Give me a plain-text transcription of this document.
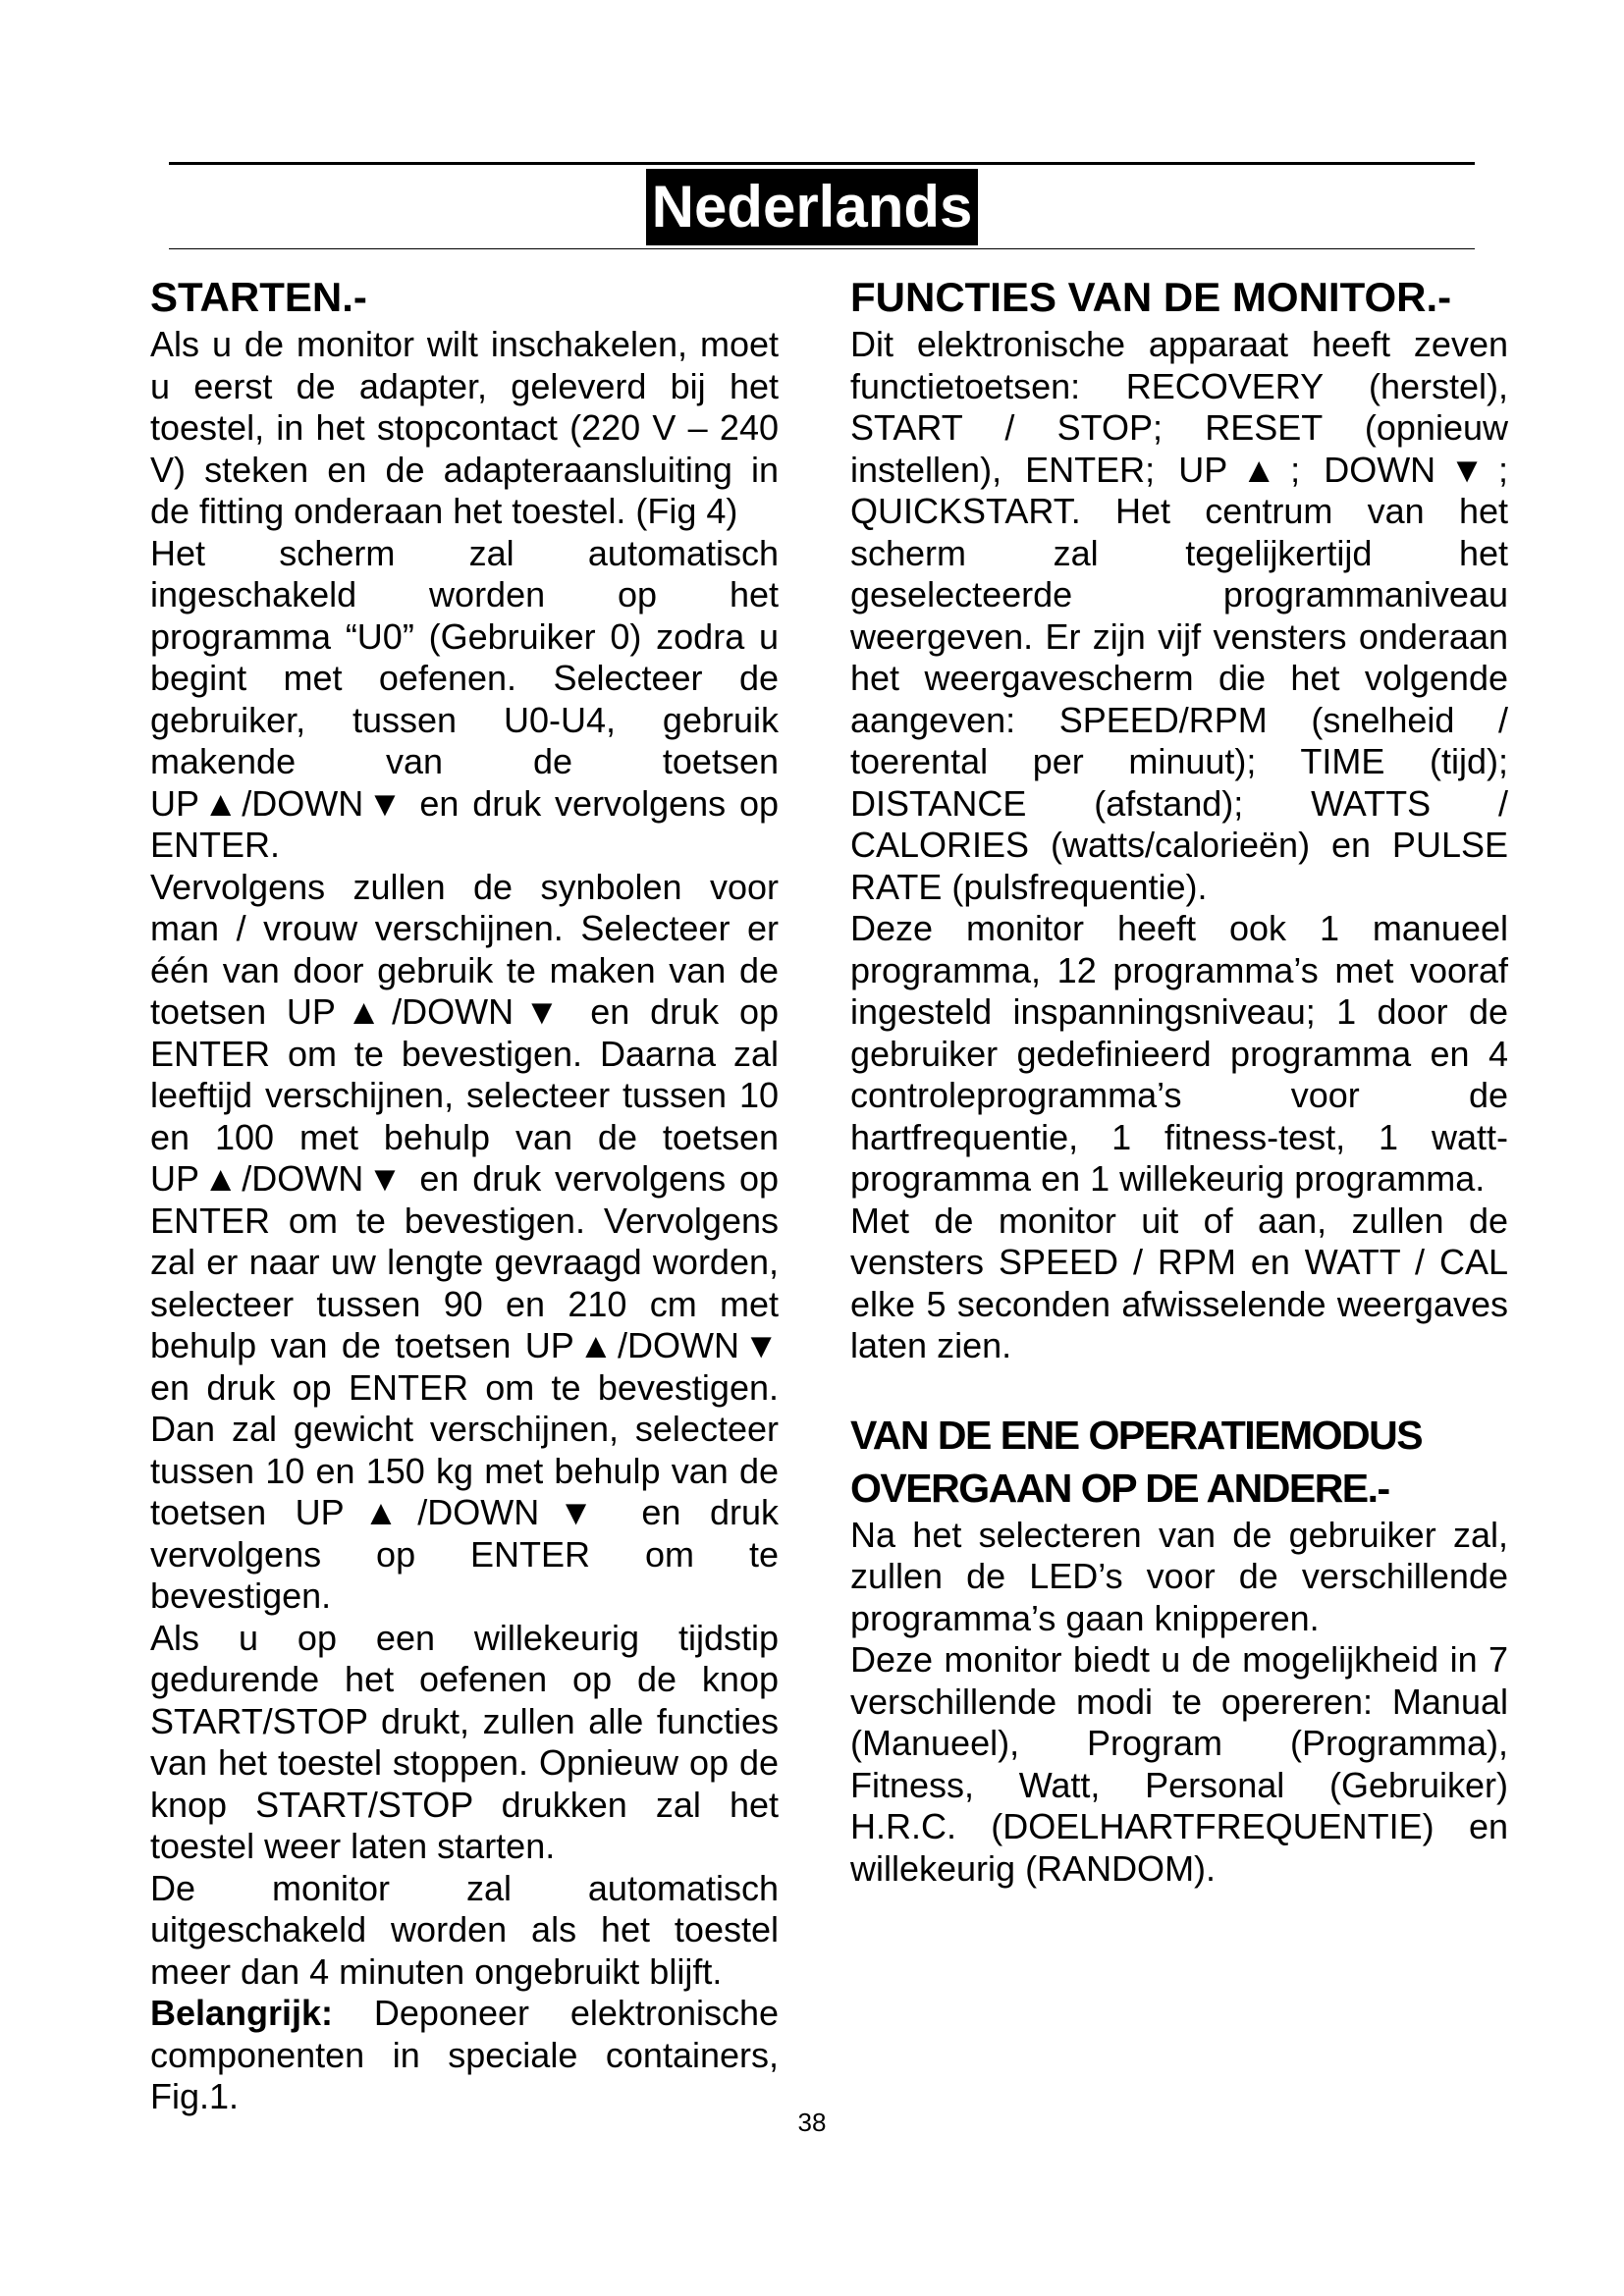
Nederlands
STARTEN.-

Als u de monitor wilt inschakelen, moet u eerst de adapter, geleverd bij het toestel, in het stopcontact (220 V – 240 V) steken en de adapteraansluiting in de fitting onderaan het toestel. (Fig 4)

Het scherm zal automatisch ingeschakeld worden op het programma “U0” (Gebruiker 0) zodra u begint met oefenen. Selecteer de gebruiker, tussen U0-U4, gebruik makende van de toetsen UP▲/DOWN▼ en druk vervolgens op ENTER.

Vervolgens zullen de synbolen voor man / vrouw verschijnen. Selecteer er één van door gebruik te maken van de toetsen UP▲/DOWN▼ en druk op ENTER om te bevestigen. Daarna zal leeftijd verschijnen, selecteer tussen 10 en 100 met behulp van de toetsen UP▲/DOWN▼ en druk vervolgens op ENTER om te bevestigen. Vervolgens zal er naar uw lengte gevraagd worden, selecteer tussen 90 en 210 cm met behulp van de toetsen UP▲/DOWN▼ en druk op ENTER om te bevestigen. Dan zal gewicht verschijnen, selecteer tussen 10 en 150 kg met behulp van de toetsen UP▲/DOWN▼ en druk vervolgens op ENTER om te bevestigen.

Als u op een willekeurig tijdstip gedurende het oefenen op de knop START/STOP drukt, zullen alle functies van het toestel stoppen. Opnieuw op de knop START/STOP drukken zal het toestel weer laten starten.

De monitor zal automatisch uitgeschakeld worden als het toestel meer dan 4 minuten ongebruikt blijft.

Belangrijk: Deponeer elektronische componenten in speciale containers, Fig.1.

FUNCTIES VAN DE MONITOR.-

Dit elektronische apparaat heeft zeven functietoetsen: RECOVERY (herstel), START / STOP; RESET (opnieuw instellen), ENTER; UP▲; DOWN▼; QUICKSTART. Het centrum van het scherm zal tegelijkertijd het geselecteerde programmaniveau weergeven. Er zijn vijf vensters onderaan het weergavescherm die het volgende aangeven: SPEED/RPM (snelheid / toerental per minuut); TIME (tijd); DISTANCE (afstand); WATTS / CALORIES (watts/calorieën) en PULSE RATE (pulsfrequentie).

Deze monitor heeft ook 1 manueel programma, 12 programma’s met vooraf ingesteld inspanningsniveau; 1 door de gebruiker gedefinieerd programma en 4 controleprogramma’s voor de hartfrequentie, 1 fitness-test, 1 watt-programma en 1 willekeurig programma.

Met de monitor uit of aan, zullen de vensters SPEED / RPM en WATT / CAL elke 5 seconden afwisselende weergaves laten zien.

VAN DE ENE OPERATIEMODUS
OVERGAAN OP DE ANDERE.-

Na het selecteren van de gebruiker zal, zullen de LED’s voor de verschillende programma’s gaan knipperen.

Deze monitor biedt u de mogelijkheid in 7 verschillende modi te opereren: Manual (Manueel), Program (Programma), Fitness, Watt, Personal (Gebruiker) H.R.C. (DOELHARTFREQUENTIE) en willekeurig (RANDOM).

38
